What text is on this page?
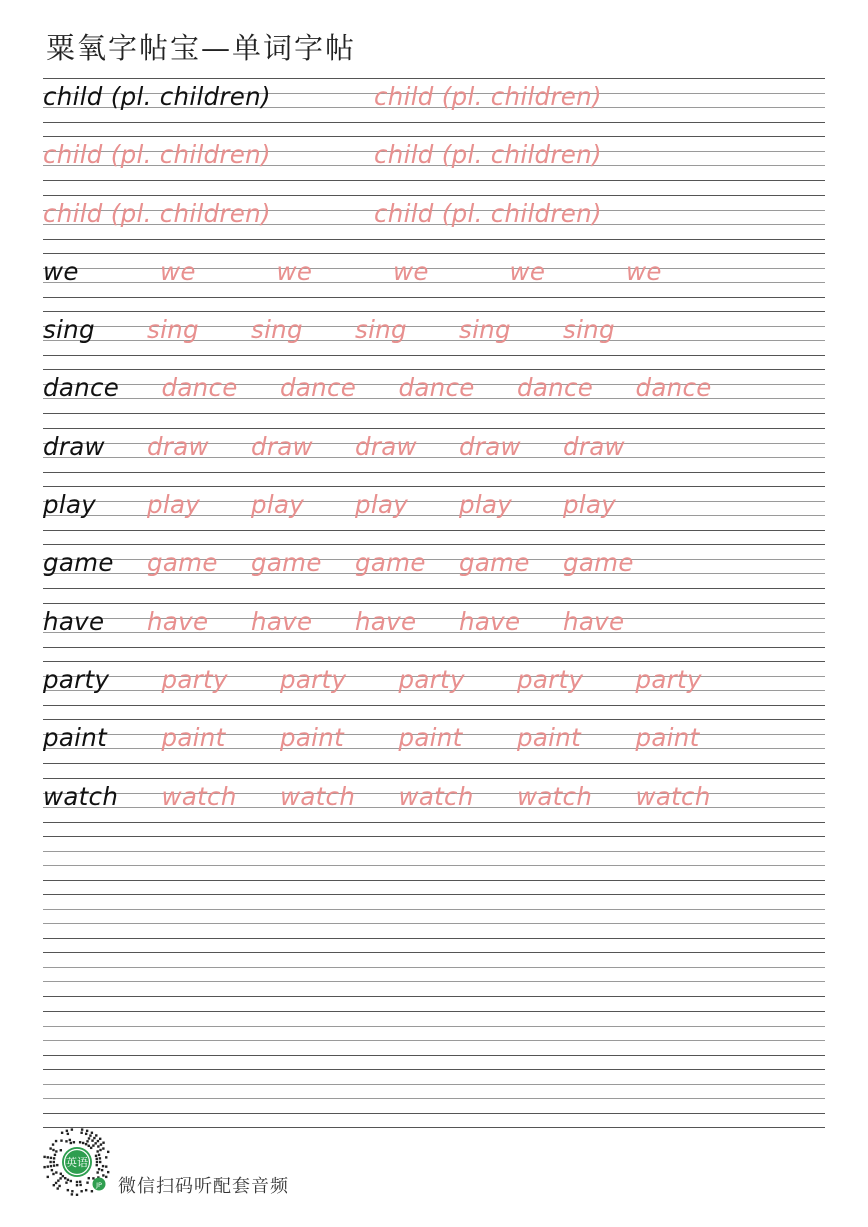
粟氧字帖宝—单词字帖
child (pl. children)	child (pl. children)
child (pl. children)	child (pl. children)
child (pl. children)	child (pl. children)
we	we	we	we	we	we
sing sing sing sing sing sing
dance dance dance dance dance dance
draw draw draw draw draw draw
play play play play play play
game game game game game game
have have have have have have
party party party party party party
paint paint paint paint paint paint
watch watch watch watch watch watch
英语
JP 微信扫码听配套音频
